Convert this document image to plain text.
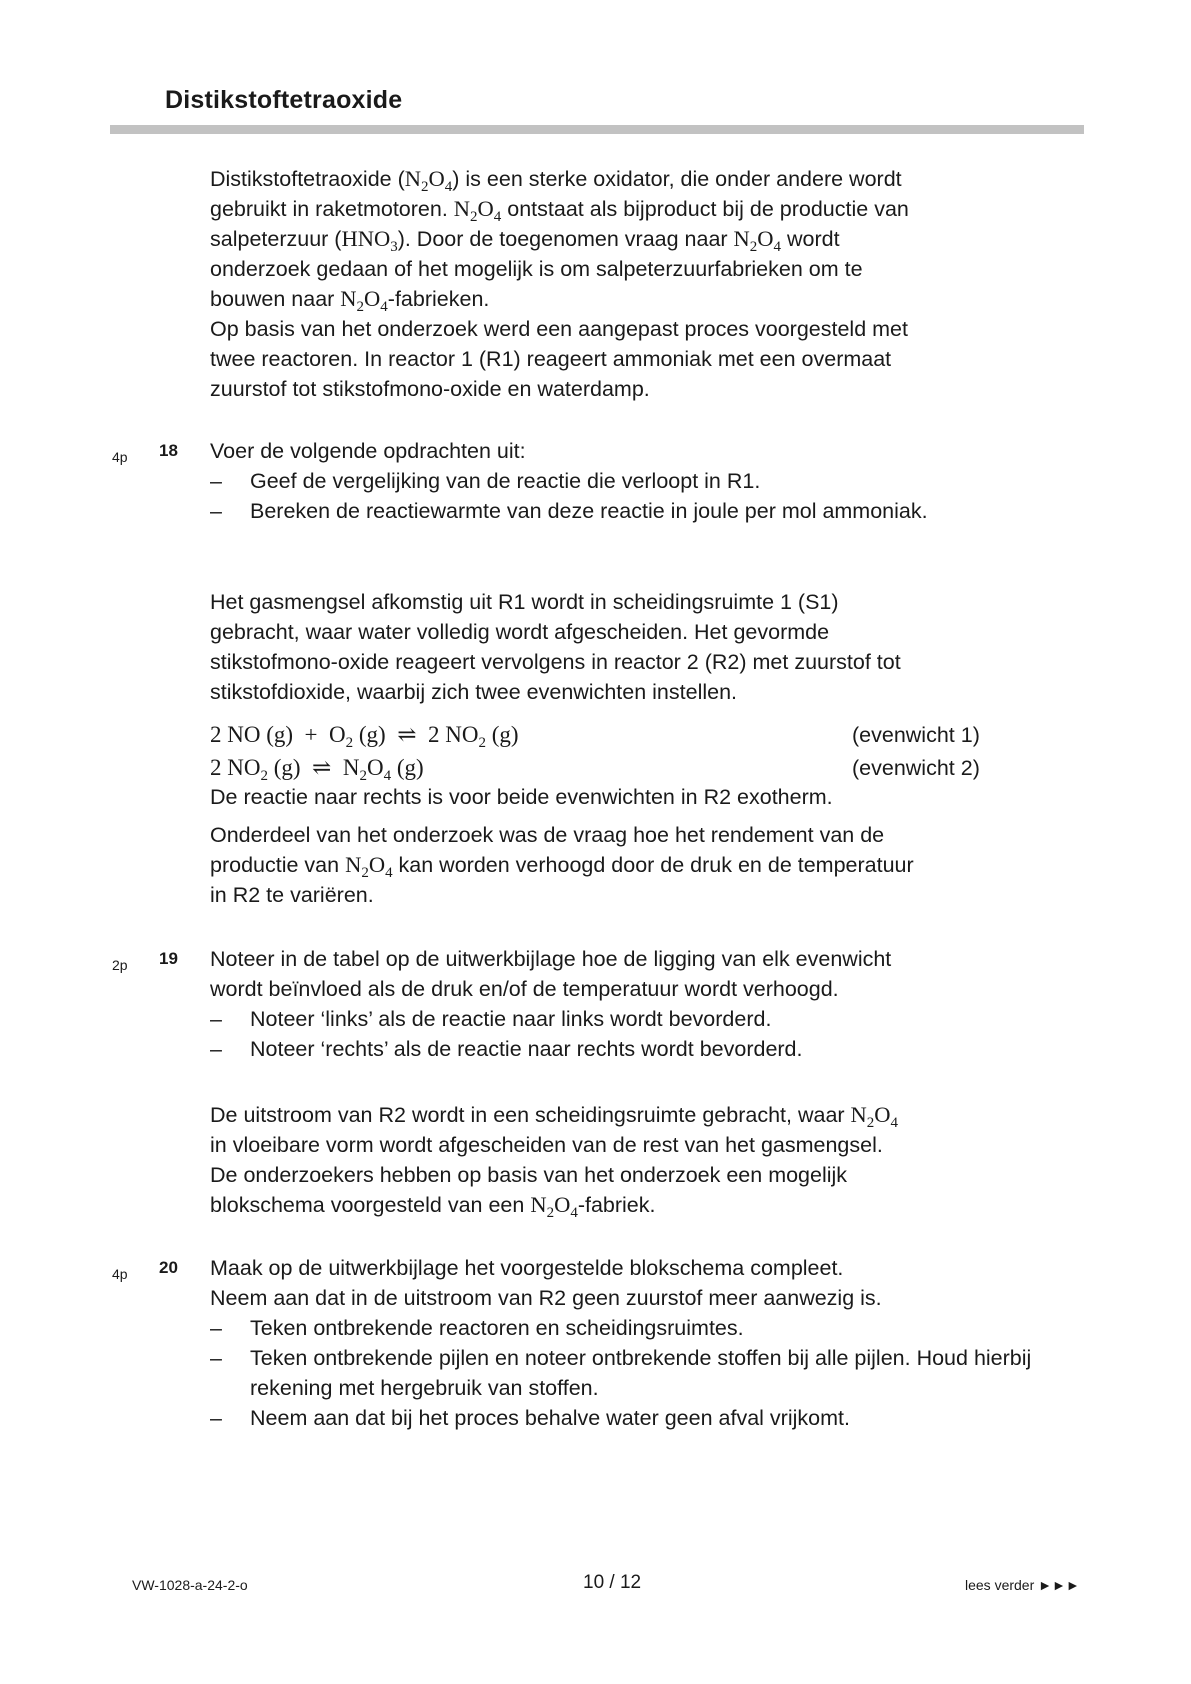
Distikstoftetraoxide

Distikstoftetraoxide $(N_2O_4)$ is een sterke oxidator, die onder andere wordt

gebruikt in raketmotoren. $N_2O_4$ ontstaat als bijproduct bij de productie van

salpeterzuur $(HNO_3)$. Door de toegenomen vraag naar $N_2O_4$ wordt

onderzoek gedaan of het mogelijk is om salpeterzuurfabrieken om te

bouwen naar $N_2O_4$-fabrieken.

Op basis van het onderzoek werd een aangepast proces voorgesteld met

twee reactoren. In reactor 1 (R1) reageert ammoniak met een overmaat

zuurstof tot stikstofmono-oxide en waterdamp.

4p 18 Voer de volgende opdrachten uit:
– Geef de vergelijking van de reactie die verloopt in R1.
– Bereken de reactiewarmte van deze reactie in joule per mol ammoniak.

Het gasmengsel afkomstig uit R1 wordt in scheidingsruimte 1 (S1)

gebracht, waar water volledig wordt afgescheiden. Het gevormde

stikstofmono-oxide reageert vervolgens in reactor 2 (R2) met zuurstof tot

stikstofdioxide, waarbij zich twee evenwichten instellen.

2 NO $(g) + O_2$ (g)  ⇌  2 $NO_2$ (g)	(evenwicht 1)
2 $NO_2$ (g)  ⇌  $N_2O_4$ (g)	(evenwicht 2)

De reactie naar rechts is voor beide evenwichten in R2 exotherm.

Onderdeel van het onderzoek was de vraag hoe het rendement van de

productie van $N_2O_4$ kan worden verhoogd door de druk en de temperatuur

in R2 te variëren.

2p 19 Noteer in de tabel op de uitwerkbijlage hoe de ligging van elk evenwicht
wordt beïnvloed als de druk en/of de temperatuur wordt verhoogd.
– Noteer ‘links’ als de reactie naar links wordt bevorderd.
– Noteer ‘rechts’ als de reactie naar rechts wordt bevorderd.

De uitstroom van R2 wordt in een scheidingsruimte gebracht, waar $N_2O_4$

in vloeibare vorm wordt afgescheiden van de rest van het gasmengsel.

De onderzoekers hebben op basis van het onderzoek een mogelijk

blokschema voorgesteld van een $N_2O_4$-fabriek.

4p 20 Maak op de uitwerkbijlage het voorgestelde blokschema compleet.
Neem aan dat in de uitstroom van R2 geen zuurstof meer aanwezig is.
– Teken ontbrekende reactoren en scheidingsruimtes.
– Teken ontbrekende pijlen en noteer ontbrekende stoffen bij alle pijlen. Houd hierbij rekening met hergebruik van stoffen.
– Neem aan dat bij het proces behalve water geen afval vrijkomt.
VW-1028-a-24-2-o	10 / 12	lees verder ►►►
